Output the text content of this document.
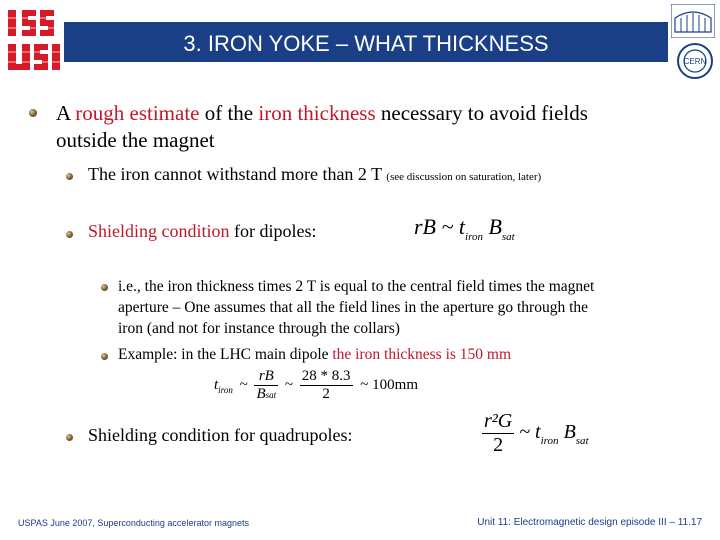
3. IRON YOKE – WHAT THICKNESS
CERN
A rough estimate of the iron thickness necessary to avoid fields
outside the magnet
The iron cannot withstand more than 2 T (see discussion on saturation, later)
Shielding condition for dipoles:	rB ~ $t_{iron}$ $B_{sat}$
i.e., the iron thickness times 2 T is equal to the central field times the magnet
aperture – One assumes that all the field lines in the aperture go through the
iron (and not for instance through the collars)
Example: in the LHC main dipole the iron thickness is 150 mm
$t_{iron}$ ~ $\frac{rB}{\text{Bsat}}$ ~ $\frac{28 * 8.3}{2}$ ~ 100mm
Shielding condition for quadrupoles:	$\frac{\text{r²G}}{2}$ ~ $t_{iron}$ $B_{sat}$
USPAS June 2007, Superconducting accelerator magnets	Unit 11: Electromagnetic design episode III – 11.17
